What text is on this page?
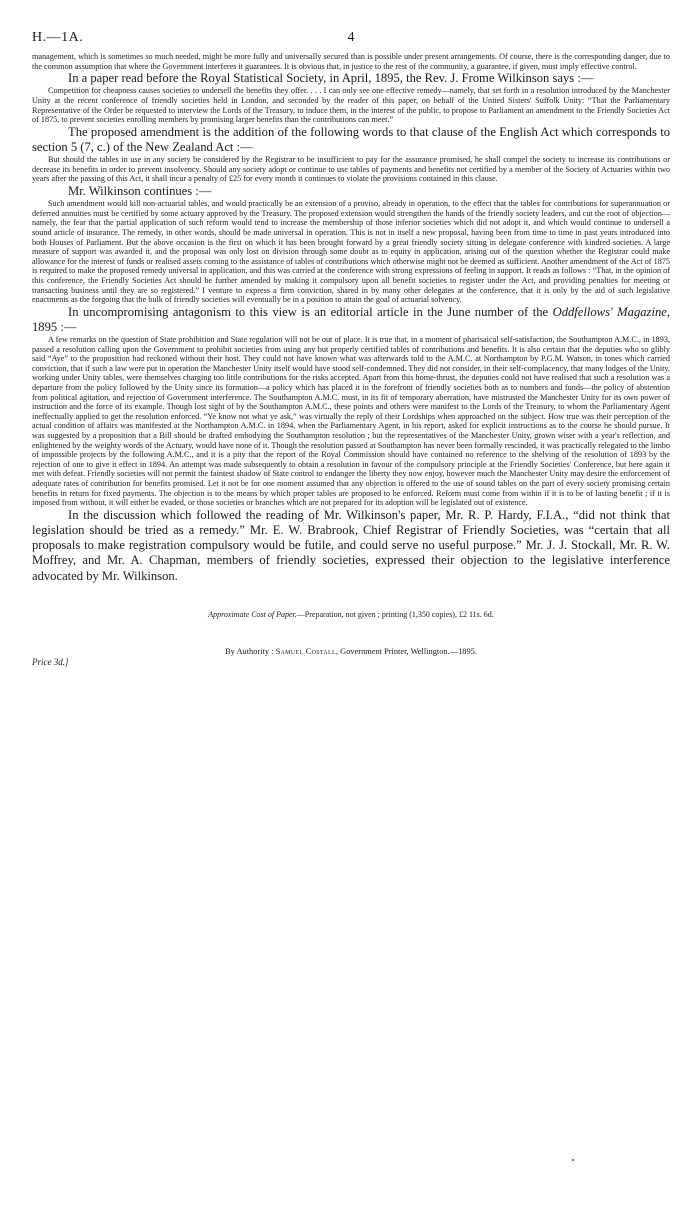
H.—1A.	4

management, which is sometimes so much needed, might be more fully and universally secured than is possible under present arrangements. Of course, there is the corresponding danger, due to the common assumption that where the Government interferes it guarantees. It is obvious that, in justice to the rest of the community, a guarantee, if given, must imply effective control.

In a paper read before the Royal Statistical Society, in April, 1895, the Rev. J. Frome Wilkinson says :—

Competition for cheapness causes societies to undersell the benefits they offer. . . . I can only see one effective remedy—namely, that set forth in a resolution introduced by the Manchester Unity at the recent conference of friendly societies held in London, and seconded by the reader of this paper, on behalf of the United Sisters' Suffolk Unity: “That the Parliamentary Representative of the Order be requested to interview the Lords of the Treasury, to induce them, in the interest of the public, to propose to Parliament an amendment to the Friendly Societies Act of 1875, to prevent societies enrolling members by promising larger benefits than the contributions can meet.”

The proposed amendment is the addition of the following words to that clause of the English Act which corresponds to section 5 (7, c.) of the New Zealand Act :—

But should the tables in use in any society be considered by the Registrar to be insufficient to pay for the assurance promised, he shall compel the society to increase its contributions or decrease its benefits in order to prevent insolvency. Should any society adopt or continue to use tables of payments and benefits not certified by a member of the Society of Actuaries within two years after the passing of this Act, it shall incur a penalty of £25 for every month it continues to violate the provisions contained in this clause.

Mr. Wilkinson continues :—

Such amendment would kill non-actuarial tables, and would practically be an extension of a proviso, already in operation, to the effect that the tables for contributions for superannuation or deferred annuities must be certified by some actuary approved by the Treasury. The proposed extension would strengthen the hands of the friendly society leaders, and cut the root of objection—namely, the fear that the partial application of such reform would tend to increase the membership of those inferior societies which did not adopt it, and which would continue to undersell a sound article of insurance. The remedy, in other words, should be made universal in operation. This is not in itself a new proposal, having been from time to time in past years introduced into both Houses of Parliament. But the above occasion is the first on which it has been brought forward by a great friendly society sitting in delegate conference with kindred societies. A large measure of support was awarded it, and the proposal was only lost on division through some doubt as to equity in application, arising out of the question whether the Registrar could make allowance for the interest of funds or realised assets coming to the assistance of tables of contributions which otherwise might not be deemed as sufficient. Another amendment of the Act of 1875 is required to make the proposed remedy universal in application, and this was carried at the conference with strong expressions of feeling in support. It reads as follows : “That, in the opinion of this conference, the Friendly Societies Act should be further amended by making it compulsory upon all benefit societies to register under the Act, and providing penalties for meeting or transacting business until they are so registered.” I venture to express a firm conviction, shared in by many other delegates at the conference, that it is only by the aid of such legislative enactments as the forgoing that the bulk of friendly societies will eventually be in a position to attain the goal of actuarial solvency.

In uncompromising antagonism to this view is an editorial article in the June number of the Oddfellows' Magazine, 1895 :—

A few remarks on the question of State prohibition and State regulation will not be out of place. It is true that, in a moment of pharisaical self-satisfaction, the Southampton A.M.C., in 1893, passed a resolution calling upon the Government to prohibit societies from using any but properly certified tables of contributions and benefits. It is also certain that the deputies who so glibly said “Aye” to the proposition had reckoned without their host. They could not have known what was afterwards told to the A.M.C. at Northampton by P.G.M. Watson, in tones which carried conviction, that if such a law were put in operation the Manchester Unity itself would have stood self-condemned. They did not consider, in their self-complacency, that many lodges of the Unity, working under Unity tables, were themselves charging too little contributions for the risks accepted. Apart from this home-thrust, the deputies could not have realised that such a resolution was a departure from the policy followed by the Unity since its formation—a policy which has placed it in the forefront of friendly societies both as to numbers and funds—the policy of abstention from political agitation, and rejection of Government interference. The Southampton A.M.C. must, in its fit of temporary aberration, have mistrusted the Manchester Unity for its own power of instruction and the force of its example. Though lost sight of by the Southampton A.M.C., these points and others were manifest to the Lords of the Treasury, to whom the Parliamentary Agent ineffectually applied to get the resolution enforced. “Ye know not what ye ask,” was virtually the reply of their Lordships when approached on the subject. How true was their perception of the actual condition of affairs was manifested at the Northampton A.M.C. in 1894, when the Parliamentary Agent, in his report, asked for explicit instructions as to the course he should pursue. It was suggested by a proposition that a Bill should be drafted embodying the Southampton resolution ; but the representatives of the Manchester Unity, grown wiser with a year's reflection, and enlightened by the weighty words of the Actuary, would have none of it. Though the resolution passed at Southampton has never been formally rescinded, it was practically relegated to the limbo of impossible projects by the following A.M.C., and it is a pity that the report of the Royal Commission should have contained no reference to the shelving of the resolution of 1893 by the rejection of one to give it effect in 1894. An attempt was made subsequently to obtain a resolution in favour of the compulsory principle at the Friendly Societies' Conference, but here again it met with defeat. Friendly societies will not permit the faintest shadow of State control to endanger the liberty they now enjoy, however much the Manchester Unity may desire the enforcement of adequate rates of contribution for benefits promised. Let it not be for one moment assumed that any objection is offered to the use of sound tables on the part of every society promising certain benefits in return for fixed payments. The objection is to the means by which proper tables are proposed to be enforced. Reform must come from within if it is to be of lasting benefit ; if it is imposed from without, it will either be evaded, or those societies or branches which are not prepared for its adoption will be legislated out of existence.

In the discussion which followed the reading of Mr. Wilkinson's paper, Mr. R. P. Hardy, F.I.A., “did not think that legislation should be tried as a remedy.” Mr. E. W. Brabrook, Chief Registrar of Friendly Societies, was “certain that all proposals to make registration compulsory would be futile, and could serve no useful purpose.” Mr. J. J. Stockall, Mr. R. W. Moffrey, and Mr. A. Chapman, members of friendly societies, expressed their objection to the legislative interference advocated by Mr. Wilkinson.

Approximate Cost of Paper.—Preparation, not given ; printing (1,350 copies), £2 11s. 6d.

Price 3d.]
By Authority : Samuel Costall, Government Printer, Wellington.—1895.
